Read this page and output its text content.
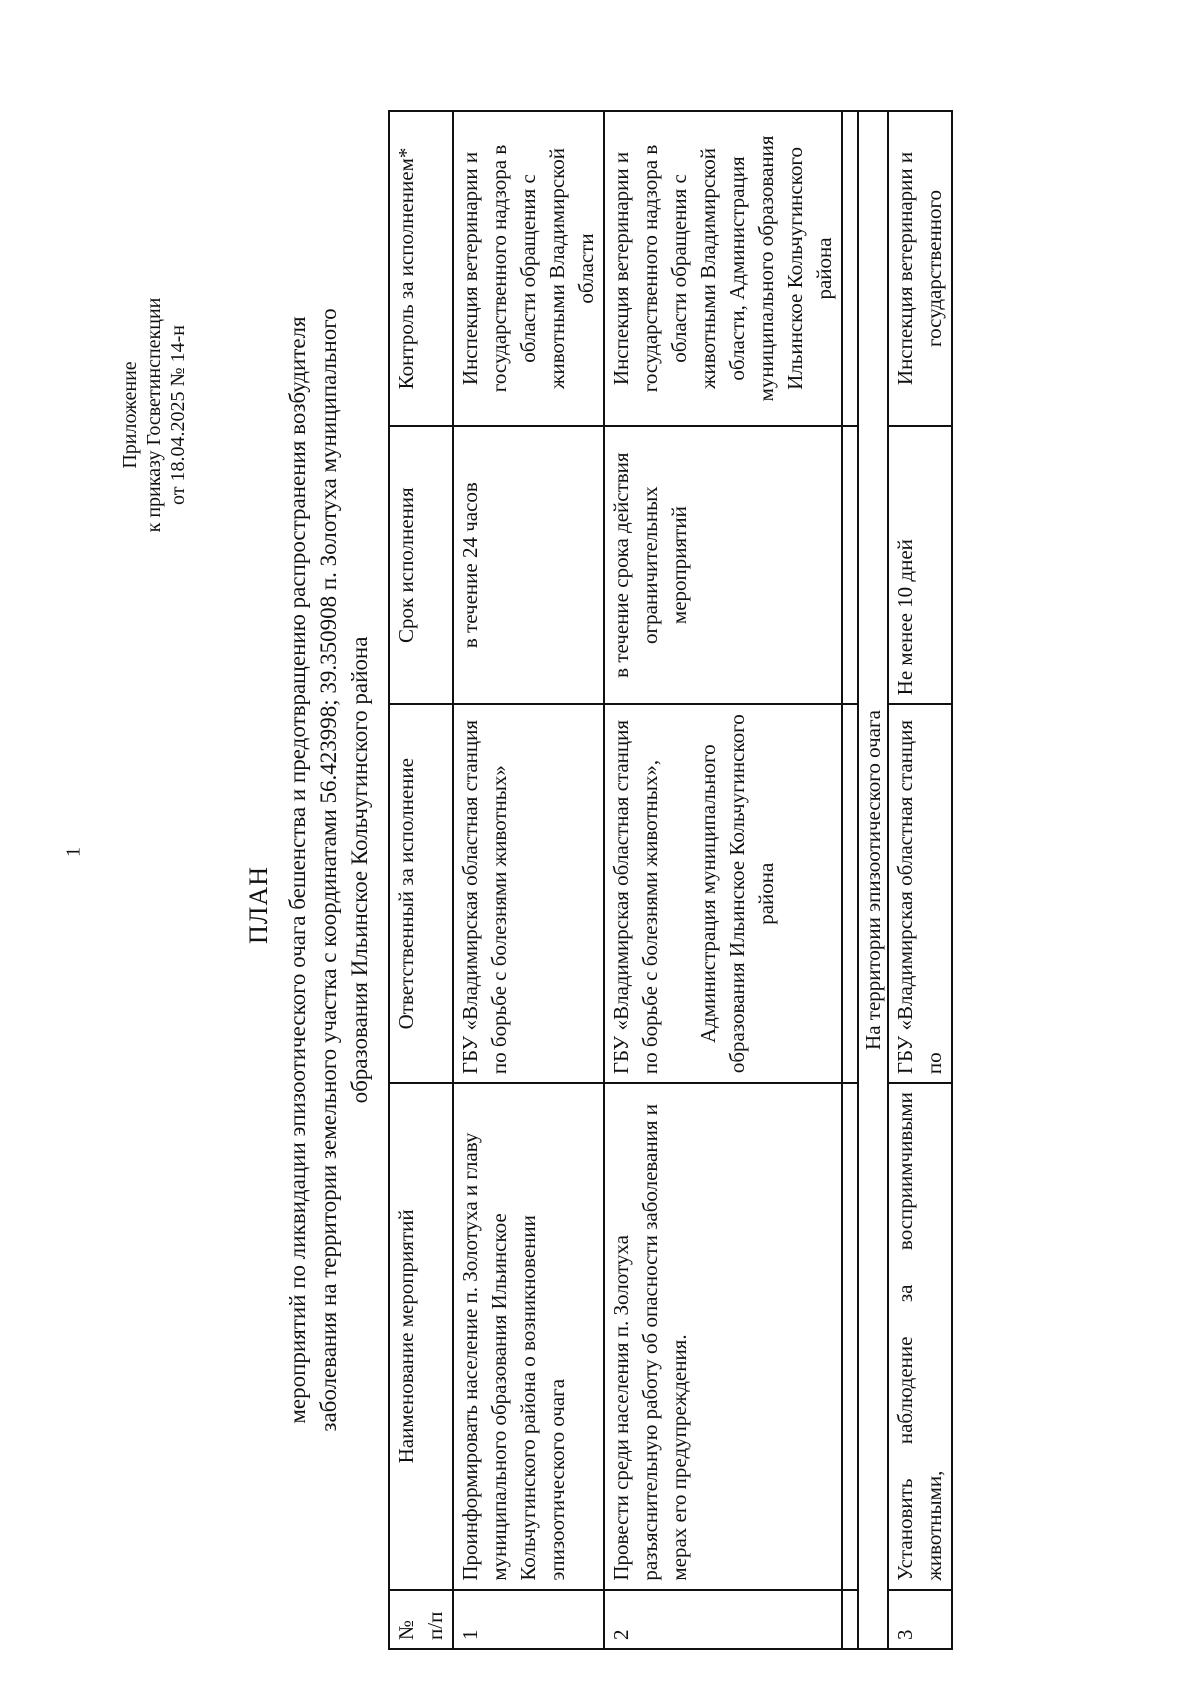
1
Приложение к приказу Госветинспекции от 18.04.2025 № 14-н
ПЛАН мероприятий по ликвидации эпизоотического очага бешенства и предотвращению распространения возбудителя заболевания на территории земельного участка с координатами 56.423998; 39.350908 п. Золотуха муниципального образования Ильинское Кольчугинского района
№ п/п	Наименование мероприятий	Ответственный за исполнение	Срок исполнения	Контроль за исполнением*
1	Проинформировать население п. Золотуха и главу муниципального образования Ильинское Кольчугинского района о возникновении эпизоотического очага	ГБУ «Владимирская областная станция по борьбе с болезнями животных»	в течение 24 часов	Инспекция ветеринарии и государственного надзора в области обращения с животными Владимирской области
2	Провести среди населения п. Золотуха разъяснительную работу об опасности заболевания и мерах его предупреждения.	ГБУ «Владимирская областная станция по борьбе с болезнями животных», Администрация муниципального образования Ильинское Кольчугинского района	в течение срока действия ограничительных мероприятий	Инспекция ветеринарии и государственного надзора в области обращения с животными Владимирской области, Администрация муниципального образования Ильинское Кольчугинского района

На территории эпизоотического очага				
3	Установить наблюдение за восприимчивыми животными,	ГБУ «Владимирская областная станция по	Не менее 10 дней	Инспекция ветеринарии и государственного
